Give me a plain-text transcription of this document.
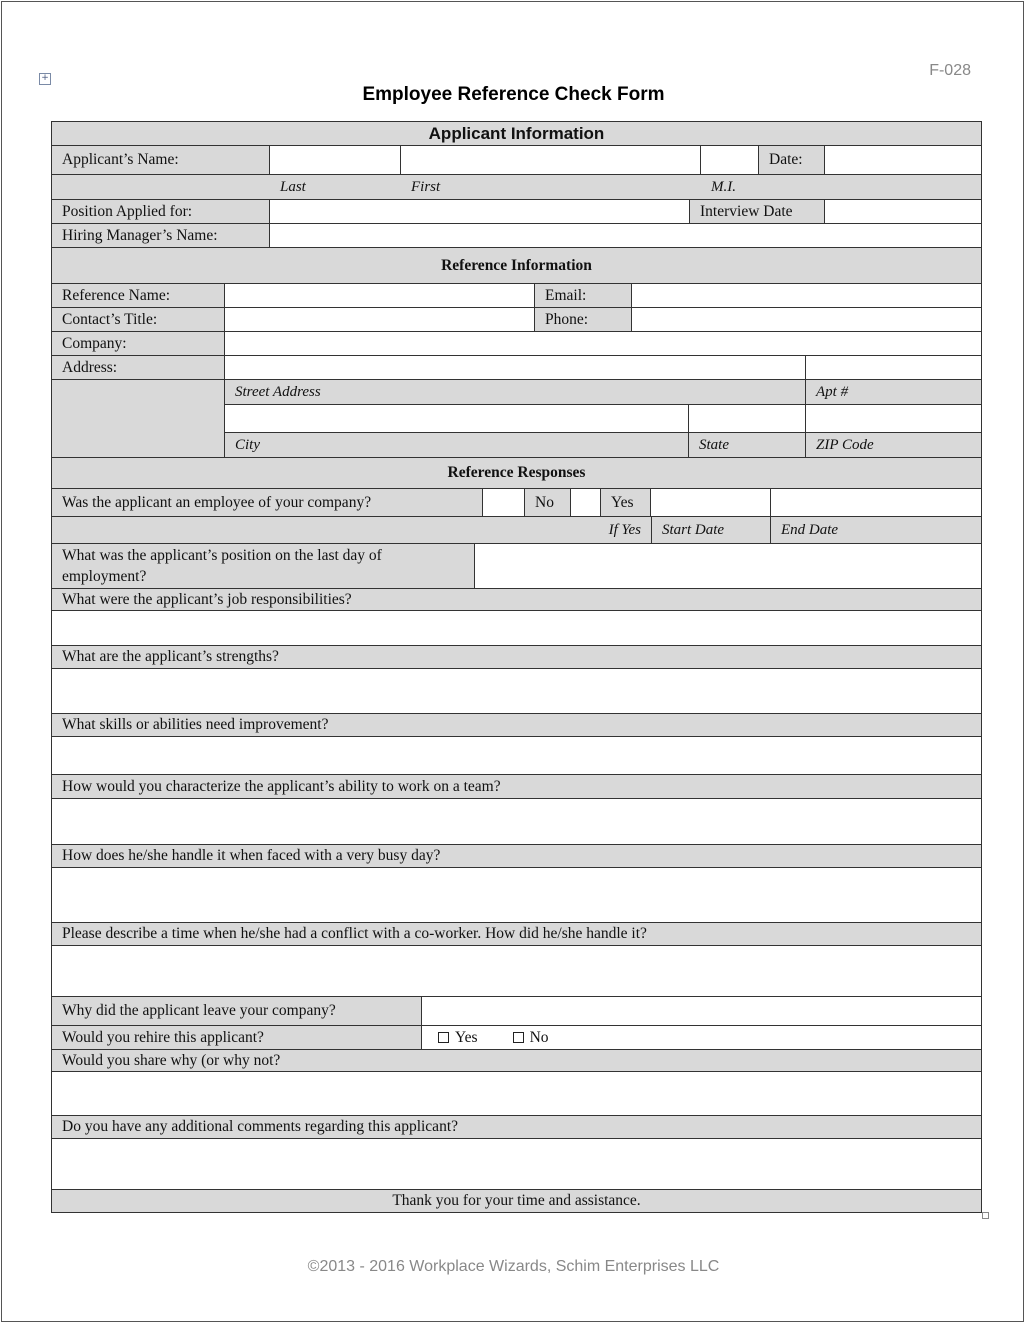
+	F-028
Employee Reference Check Form
Applicant Information
Applicant’s Name:	Date:
Last	First	M.I.
Position Applied for:	Interview Date
Hiring Manager’s Name:
Reference Information
Reference Name:	Email:
Contact’s Title:	Phone:
Company:
Address:
Street Address	Apt #
City	State	ZIP Code
Reference Responses
Was the applicant an employee of your company?	No	Yes
If Yes	Start Date	End Date
What was the applicant’s position on the last day of employment?
What were the applicant’s job responsibilities?
What are the applicant’s strengths?
What skills or abilities need improvement?
How would you characterize the applicant’s ability to work on a team?
How does he/she handle it when faced with a very busy day?
Please describe a time when he/she had a conflict with a co-worker. How did he/she handle it?
Why did the applicant leave your company?
Would you rehire this applicant?	Yes	No
Would you share why (or why not?
Do you have any additional comments regarding this applicant?
Thank you for your time and assistance.
©2013 - 2016 Workplace Wizards, Schim Enterprises LLC
